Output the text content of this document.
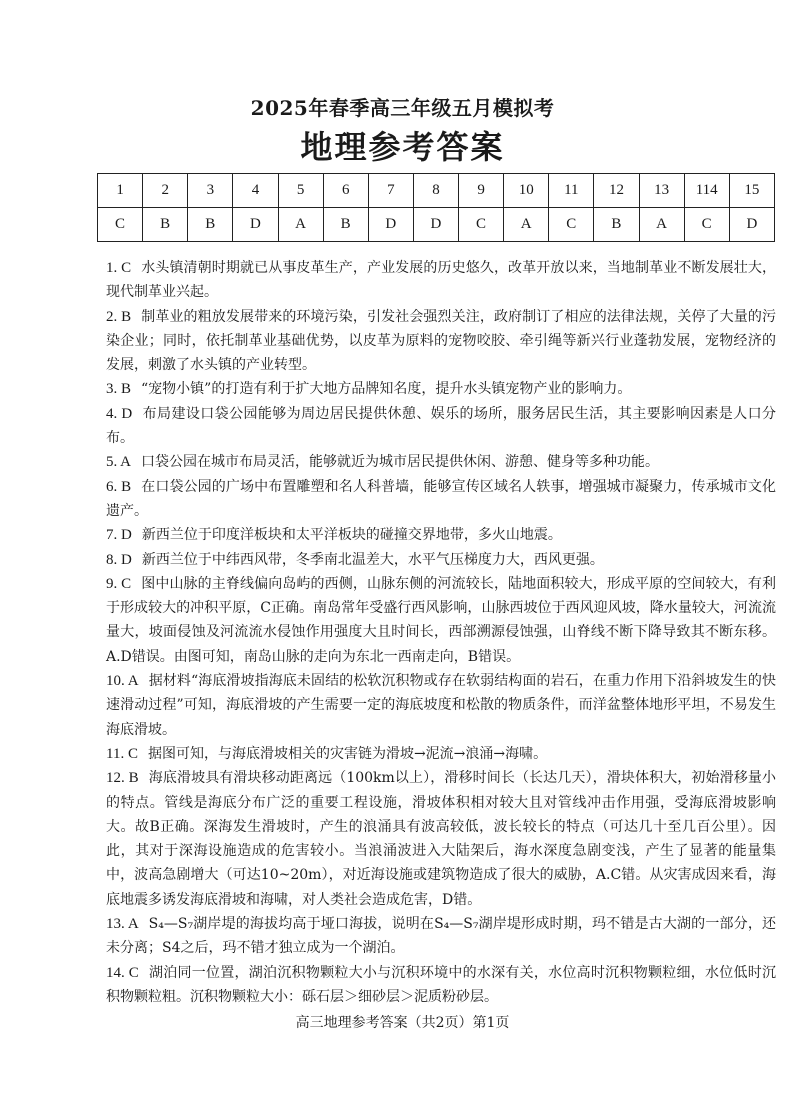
2025年春季高三年级五月模拟考
地理参考答案
1	2	3	4	5	6	7	8	9	10	11	12	13	114	15
C	B	B	D	A	B	D	D	C	A	C	B	A	C	D

1. C 水头镇清朝时期就已从事皮革生产，产业发展的历史悠久，改革开放以来，当地制革业不断发展壮大，现代制革业兴起。

2. B 制革业的粗放发展带来的环境污染，引发社会强烈关注，政府制订了相应的法律法规，关停了大量的污染企业；同时，依托制革业基础优势，以皮革为原料的宠物咬胶、牵引绳等新兴行业蓬勃发展，宠物经济的发展，刺激了水头镇的产业转型。

3. B “宠物小镇”的打造有利于扩大地方品牌知名度，提升水头镇宠物产业的影响力。

4. D 布局建设口袋公园能够为周边居民提供休憩、娱乐的场所，服务居民生活，其主要影响因素是人口分布。

5. A 口袋公园在城市布局灵活，能够就近为城市居民提供休闲、游憩、健身等多种功能。

6. B 在口袋公园的广场中布置雕塑和名人科普墙，能够宣传区域名人轶事，增强城市凝聚力，传承城市文化遗产。

7. D 新西兰位于印度洋板块和太平洋板块的碰撞交界地带，多火山地震。

8. D 新西兰位于中纬西风带，冬季南北温差大，水平气压梯度力大，西风更强。

9. C 图中山脉的主脊线偏向岛屿的西侧，山脉东侧的河流较长，陆地面积较大，形成平原的空间较大，有利于形成较大的冲积平原，C正确。南岛常年受盛行西风影响，山脉西坡位于西风迎风坡，降水量较大，河流流量大，坡面侵蚀及河流流水侵蚀作用强度大且时间长，西部溯源侵蚀强，山脊线不断下降导致其不断东移。A.D错误。由图可知，南岛山脉的走向为东北一西南走向，B错误。

10. A 据材料“海底滑坡指海底未固结的松软沉积物或存在软弱结构面的岩石，在重力作用下沿斜坡发生的快速滑动过程”可知，海底滑坡的产生需要一定的海底坡度和松散的物质条件，而洋盆整体地形平坦，不易发生海底滑坡。

11. C 据图可知，与海底滑坡相关的灾害链为滑坡→泥流→浪涌→海啸。

12. B 海底滑坡具有滑块移动距离远（100km以上），滑移时间长（长达几天），滑块体积大，初始滑移量小的特点。管线是海底分布广泛的重要工程设施，滑坡体积相对较大且对管线冲击作用强，受海底滑坡影响大。故B正确。深海发生滑坡时，产生的浪涌具有波高较低，波长较长的特点（可达几十至几百公里）。因此，其对于深海设施造成的危害较小。当浪涌波进入大陆架后，海水深度急剧变浅，产生了显著的能量集中，波高急剧增大（可达10~20m），对近海设施或建筑物造成了很大的威胁，A.C错。从灾害成因来看，海底地震多诱发海底滑坡和海啸，对人类社会造成危害，D错。

13. A S₄—S₇湖岸堤的海拔均高于垭口海拔，说明在S₄—S₇湖岸堤形成时期，玛不错是古大湖的一部分，还未分离；S4之后，玛不错才独立成为一个湖泊。

14. C 湖泊同一位置，湖泊沉积物颗粒大小与沉积环境中的水深有关，水位高时沉积物颗粒细，水位低时沉积物颗粒粗。沉积物颗粒大小：砾石层＞细砂层＞泥质粉砂层。

高三地理参考答案（共2页）第1页
